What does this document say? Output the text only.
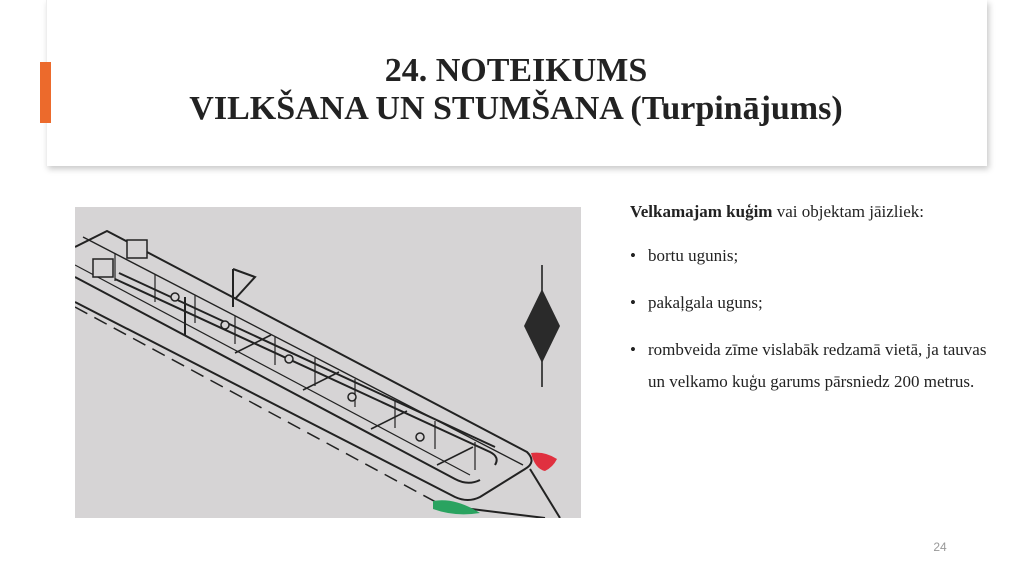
24. NOTEIKUMS
VILKŠANA UN STUMŠANA (Turpinājums)

Velkamajam kuģim vai objektam jāizliek:

• bortu ugunis;
• pakaļgala uguns;
• rombveida zīme vislabāk redzamā vietā, ja tauvas un velkamo kuģu garums pārsniedz 200 metrus.
24
